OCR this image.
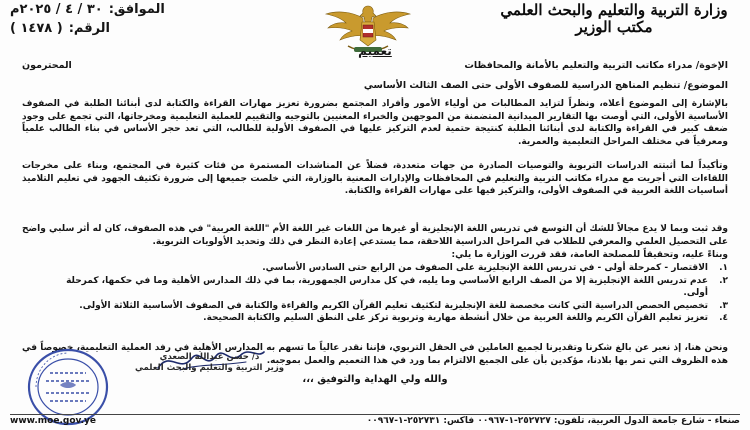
وزارة التربية والتعليم والبحث العلمي
مكتب الوزير
الموافق:
٣٠ / ٤ / ٢٠٢٥م
الرقم:
( ١٤٧٨ )
تعميم
الإخوة/ مدراء مكاتب التربية والتعليم بالأمانة والمحافظات
المحترمون

الموضوع/ تنظيم المناهج الدراسية للصفوف الأولى حتى الصف الثالث الأساسي

بالإشارة إلى الموضوع أعلاه، ونظراً لتزايد المطالبات من أولياء الأمور وأفراد المجتمع بضرورة تعزيز مهارات القراءة والكتابة لدى أبنائنا الطلبة في الصفوف الأساسية الأولى، التي أوصت بها التقارير الميدانية المتضمنة من الموجهين والخبراء المعنيين بالتوجيه والتقييم للعملية التعليمية ومخرجاتها، التي تجمع على وجود ضعف كبير في القراءة والكتابة لدى أبنائنا الطلبة كنتيجة حتمية لعدم التركيز عليها في الصفوف الأولية للطالب، التي تعد حجر الأساس في بناء الطالب علمياً ومعرفياً في مختلف المراحل التعليمية والعمرية.

وتأكيداً لما أثبتته الدراسات التربوية والتوصيات الصادرة من جهات متعددة، فضلاً عن المناشدات المستمرة من فئات كثيرة في المجتمع، وبناء على مخرجات اللقاءات التي أجريت مع مدراء مكاتب التربية والتعليم في المحافظات والإدارات المعنية بالوزارة، التي خلصت جميعها إلى ضرورة تكثيف الجهود في تعليم التلاميذ أساسيات اللغة العربية في الصفوف الأولى، والتركيز فيها على مهارات القراءة والكتابة.

وقد ثبت وبما لا يدع مجالاً للشك أن التوسع في تدريس اللغة الإنجليزية أو غيرها من اللغات غير اللغة الأم "اللغة العربية" في هذه الصفوف، كان له أثر سلبي واضح على التحصيل العلمي والمعرفي للطلاب في المراحل الدراسية اللاحقة، مما يستدعي إعادة النظر في ذلك وتحديد الأولويات التربوية.

وبناءً عليه، وتحقيقاً للمصلحة العامة، فقد قررت الوزارة ما يلي:

١.
الاقتصار - كمرحلة أولى - في تدريس اللغة الإنجليزية على الصفوف من الرابع حتى السادس الأساسي.
٢.
عدم تدريس اللغة الإنجليزية إلا من الصف الرابع الأساسي وما يليه، في كل مدارس الجمهورية، بما في ذلك المدارس الأهلية وما في حكمها، كمرحلة أولى.
٣.
تخصيص الحصص الدراسية التي كانت مخصصة للغة الإنجليزية لتكثيف تعليم القرآن الكريم والقراءة والكتابة في الصفوف الأساسية الثلاثة الأولى.
٤.
تعزيز تعليم القرآن الكريم واللغة العربية من خلال أنشطة مهارية وتربوية تركز على النطق السليم والكتابة الصحيحة.

ونحن هنا، إذ نعبر عن بالغ شكرنا وتقديرنا لجميع العاملين في الحقل التربوي، فإننا نقدر عالياً ما تسهم به المدارس الأهلية في رفد العملية التعليمية، خصوصاً في هذه الظروف التي تمر بها بلادنا، مؤكدين بأن على الجميع الالتزام بما ورد في هذا التعميم والعمل بموجبه.

والله ولي الهداية والتوفيق ،،،
د/ حسن عبدالله الصعدي
وزير التربية والتعليم والبحث العلمي
صنعاء - شارع جامعة الدول العربية، تلفون: ٢٥٢٧٢٧-١-٠٠٩٦٧ فاكس: ٢٥٢٧٣١-١-٠٠٩٦٧
www.moe.gov.ye
